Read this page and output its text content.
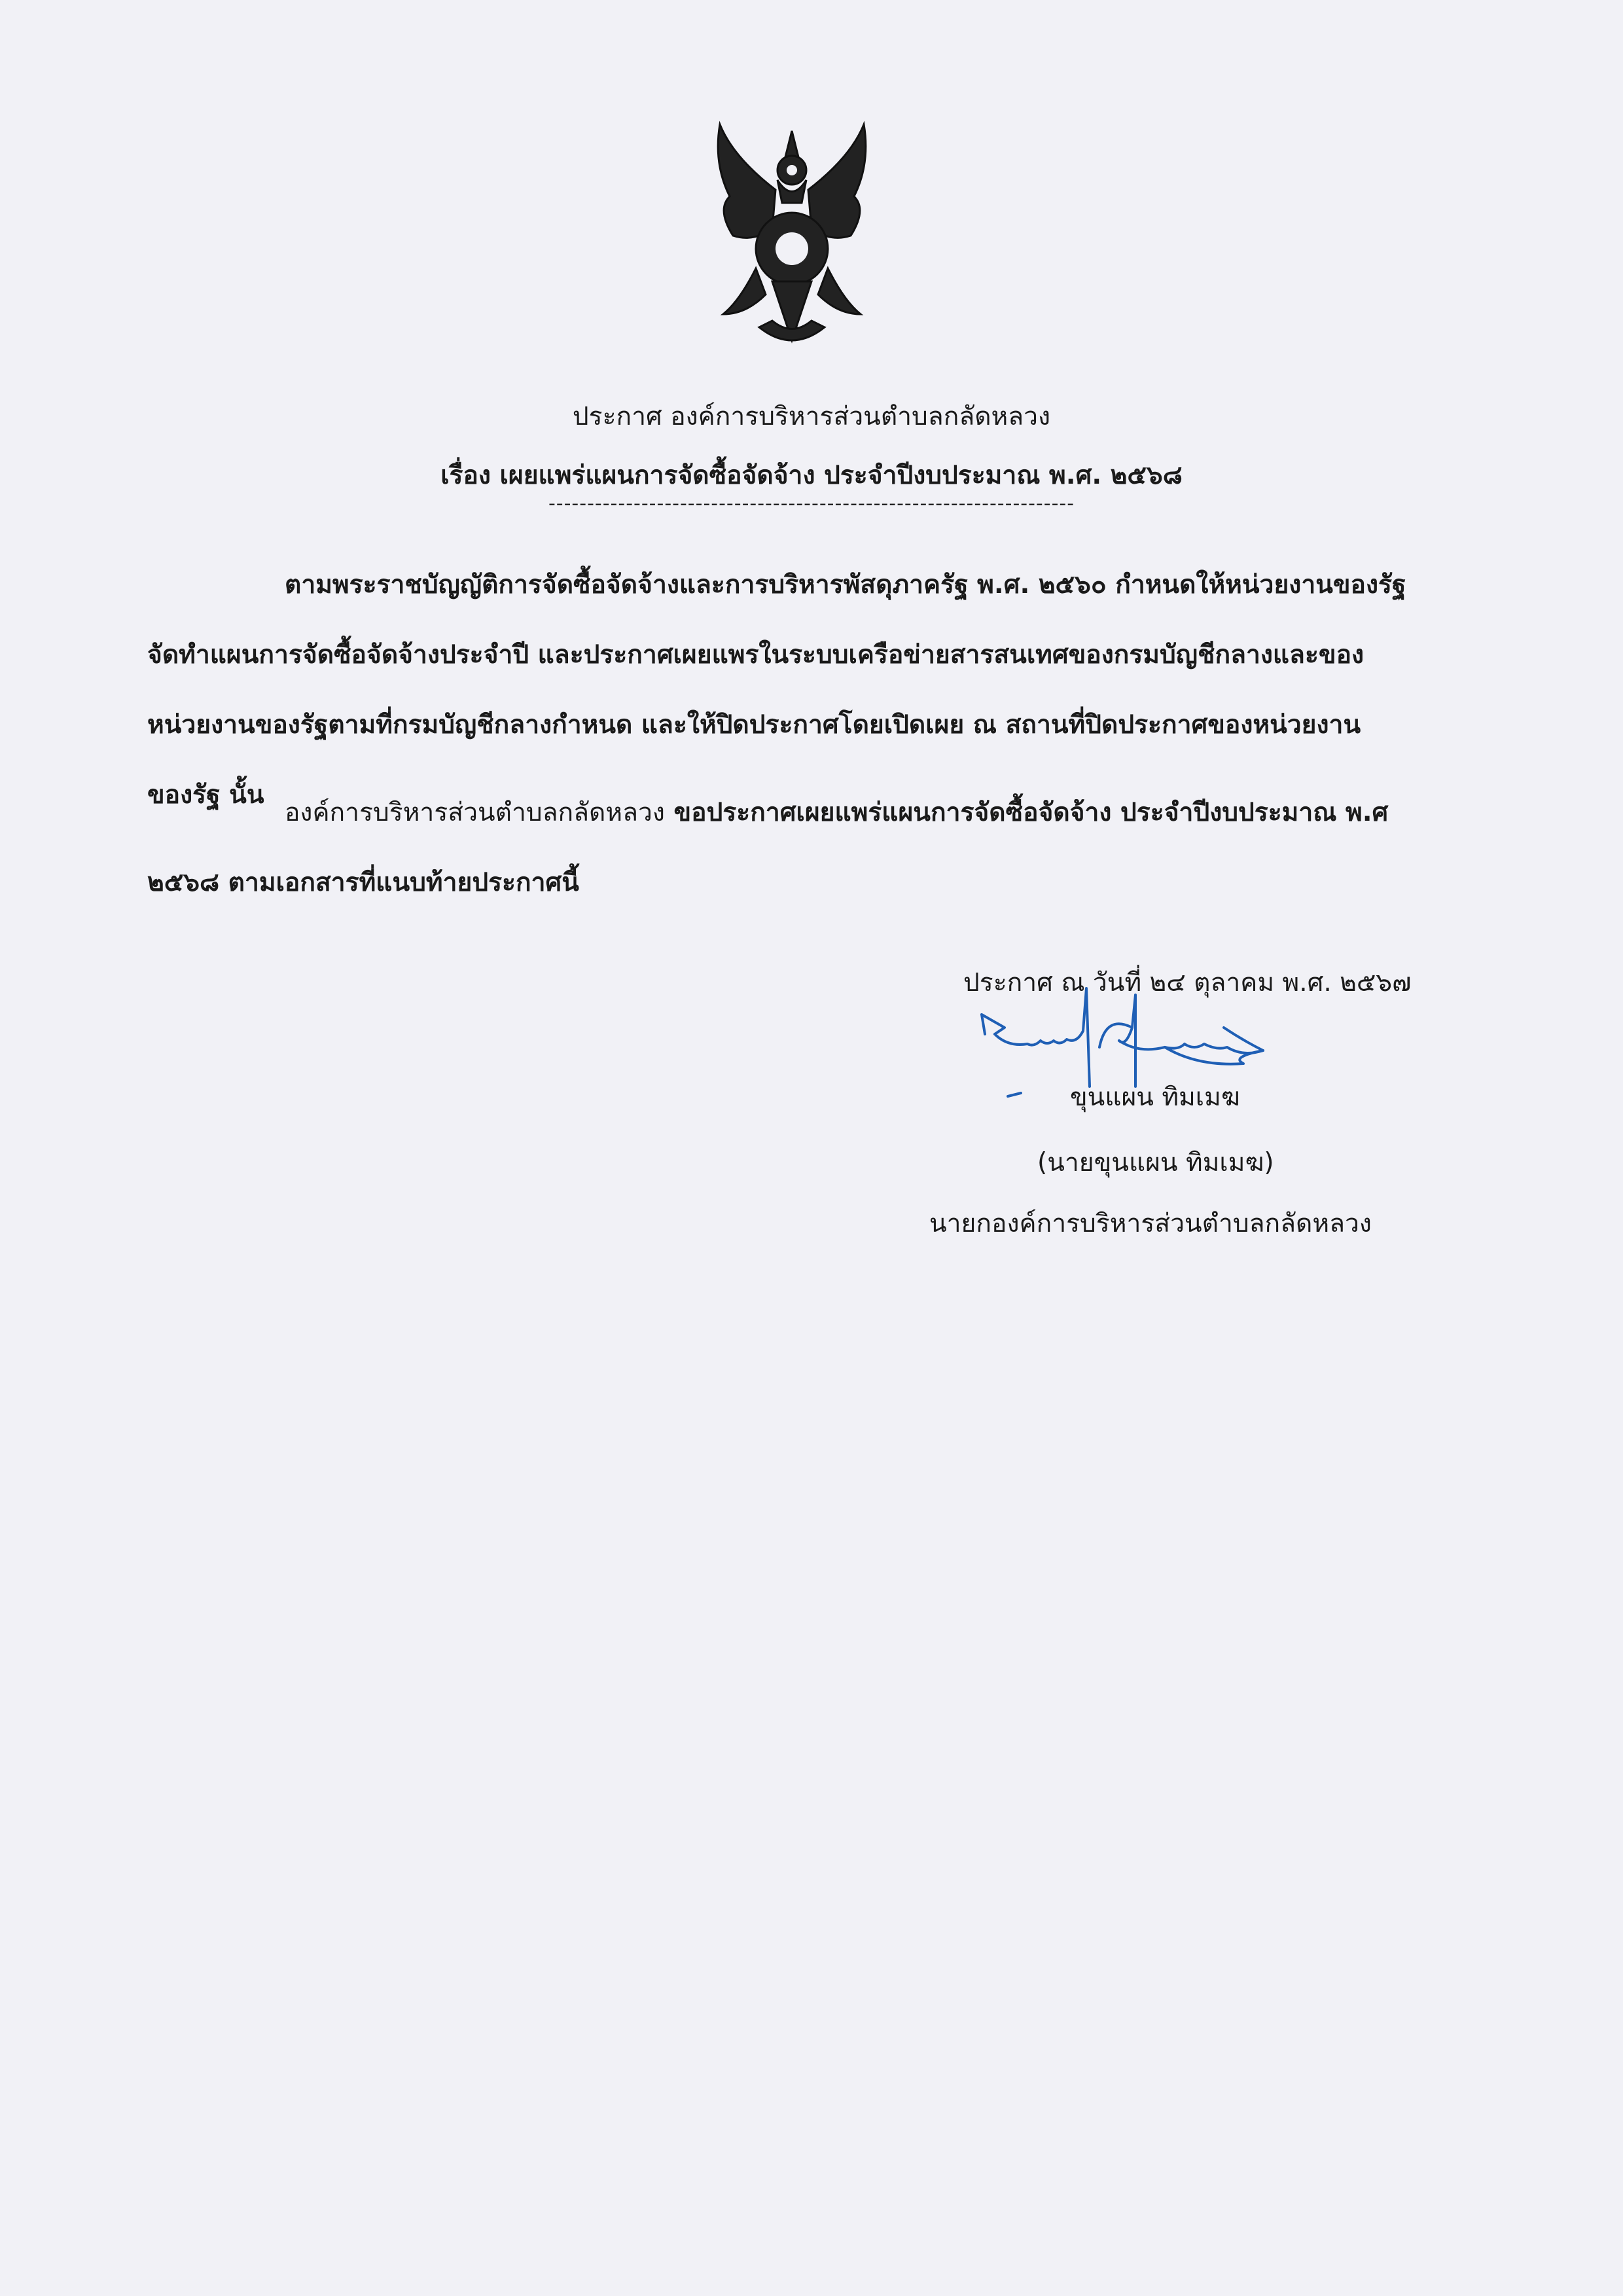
ประกาศ องค์การบริหารส่วนตำบลกลัดหลวง
เรื่อง เผยแพร่แผนการจัดซื้อจัดจ้าง ประจำปีงบประมาณ พ.ศ. ๒๕๖๘
--------------------------------------------------------------------
ตามพระราชบัญญัติการจัดซื้อจัดจ้างและการบริหารพัสดุภาครัฐ พ.ศ. ๒๕๖๐ กำหนดให้หน่วยงานของรัฐ
จัดทำแผนการจัดซื้อจัดจ้างประจำปี และประกาศเผยแพรในระบบเครือข่ายสารสนเทศของกรมบัญชีกลางและของ
หน่วยงานของรัฐตามที่กรมบัญชีกลางกำหนด และให้ปิดประกาศโดยเปิดเผย ณ สถานที่ปิดประกาศของหน่วยงาน
ของรัฐ นั้น
องค์การบริหารส่วนตำบลกลัดหลวง ขอประกาศเผยแพร่แผนการจัดซื้อจัดจ้าง ประจำปีงบประมาณ พ.ศ
๒๕๖๘ ตามเอกสารที่แนบท้ายประกาศนี้
ประกาศ ณ วันที่ ๒๔ ตุลาคม พ.ศ. ๒๕๖๗
ขุนแผน ทิมเมฆ
(นายขุนแผน ทิมเมฆ)
นายกองค์การบริหารส่วนตำบลกลัดหลวง
